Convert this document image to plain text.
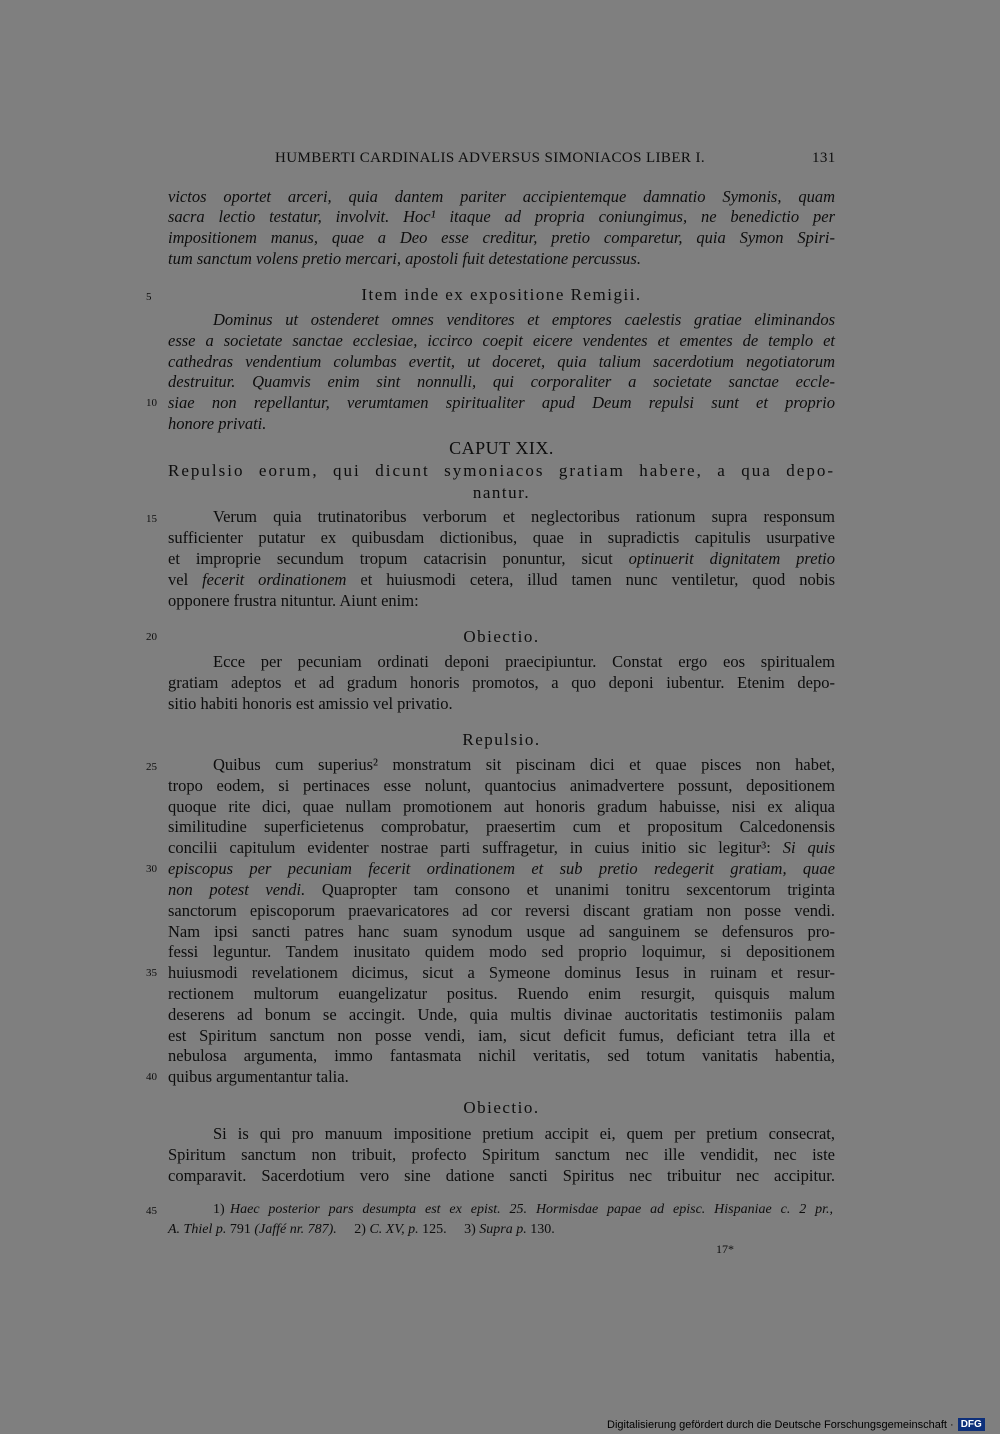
HUMBERTI CARDINALIS ADVERSUS SIMONIACOS LIBER I.	131
victos oportet arceri, quia dantem pariter accipientemque damnatio Symonis, quam
sacra lectio testatur, involvit. Hoc¹ itaque ad propria coniungimus, ne benedictio per
impositionem manus, quae a Deo esse creditur, pretio comparetur, quia Symon Spiri-
tum sanctum volens pretio mercari, apostoli fuit detestatione percussus.
5	Item inde ex expositione Remigii.
Dominus ut ostenderet omnes venditores et emptores caelestis gratiae eliminandos
esse a societate sanctae ecclesiae, iccirco coepit eicere vendentes et ementes de templo et
cathedras vendentium columbas evertit, ut doceret, quia talium sacerdotium negotiatorum
destruitur. Quamvis enim sint nonnulli, qui corporaliter a societate sanctae eccle-
10 siae non repellantur, verumtamen spiritualiter apud Deum repulsi sunt et proprio
honore privati.
CAPUT XIX.
Repulsio eorum, qui dicunt symoniacos gratiam habere, a qua depo-
nantur.
15	Verum quia trutinatoribus verborum et neglectoribus rationum supra responsum
sufficienter putatur ex quibusdam dictionibus, quae in supradictis capitulis usurpative
et improprie secundum tropum catacrisin ponuntur, sicut optinuerit dignitatem pretio
vel fecerit ordinationem et huiusmodi cetera, illud tamen nunc ventiletur, quod nobis
opponere frustra nituntur. Aiunt enim:
20	Obiectio.
Ecce per pecuniam ordinati deponi praecipiuntur. Constat ergo eos spiritualem
gratiam adeptos et ad gradum honoris promotos, a quo deponi iubentur. Etenim depo-
sitio habiti honoris est amissio vel privatio.
Repulsio.
25	Quibus cum superius² monstratum sit piscinam dici et quae pisces non habet,
tropo eodem, si pertinaces esse nolunt, quantocius animadvertere possunt, depositionem
quoque rite dici, quae nullam promotionem aut honoris gradum habuisse, nisi ex aliqua
similitudine superficietenus comprobatur, praesertim cum et propositum Calcedonensis
concilii capitulum evidenter nostrae parti suffragetur, in cuius initio sic legitur³: Si quis
30 episcopus per pecuniam fecerit ordinationem et sub pretio redegerit gratiam, quae
non potest vendi. Quapropter tam consono et unanimi tonitru sexcentorum triginta
sanctorum episcoporum praevaricatores ad cor reversi discant gratiam non posse vendi.
Nam ipsi sancti patres hanc suam synodum usque ad sanguinem se defensuros pro-
fessi leguntur. Tandem inusitato quidem modo sed proprio loquimur, si depositionem
35 huiusmodi revelationem dicimus, sicut a Symeone dominus Iesus in ruinam et resur-
rectionem multorum euangelizatur positus. Ruendo enim resurgit, quisquis malum
deserens ad bonum se accingit. Unde, quia multis divinae auctoritatis testimoniis palam
est Spiritum sanctum non posse vendi, iam, sicut deficit fumus, deficiant tetra illa et
nebulosa argumenta, immo fantasmata nichil veritatis, sed totum vanitatis habentia,
40 quibus argumentantur talia.
Obiectio.
Si is qui pro manuum impositione pretium accipit ei, quem per pretium consecrat,
Spiritum sanctum non tribuit, profecto Spiritum sanctum nec ille vendidit, nec iste
comparavit. Sacerdotium vero sine datione sancti Spiritus nec tribuitur nec accipitur.
45	1) Haec posterior pars desumpta est ex epist. 25. Hormisdae papae ad episc. Hispaniae c. 2 pr.,
A. Thiel p. 791 (Jaffé nr. 787). 2) C. XV, p. 125. 3) Supra p. 130.
17*
Digitalisierung gefördert durch die Deutsche Forschungsgemeinschaft · DFG
